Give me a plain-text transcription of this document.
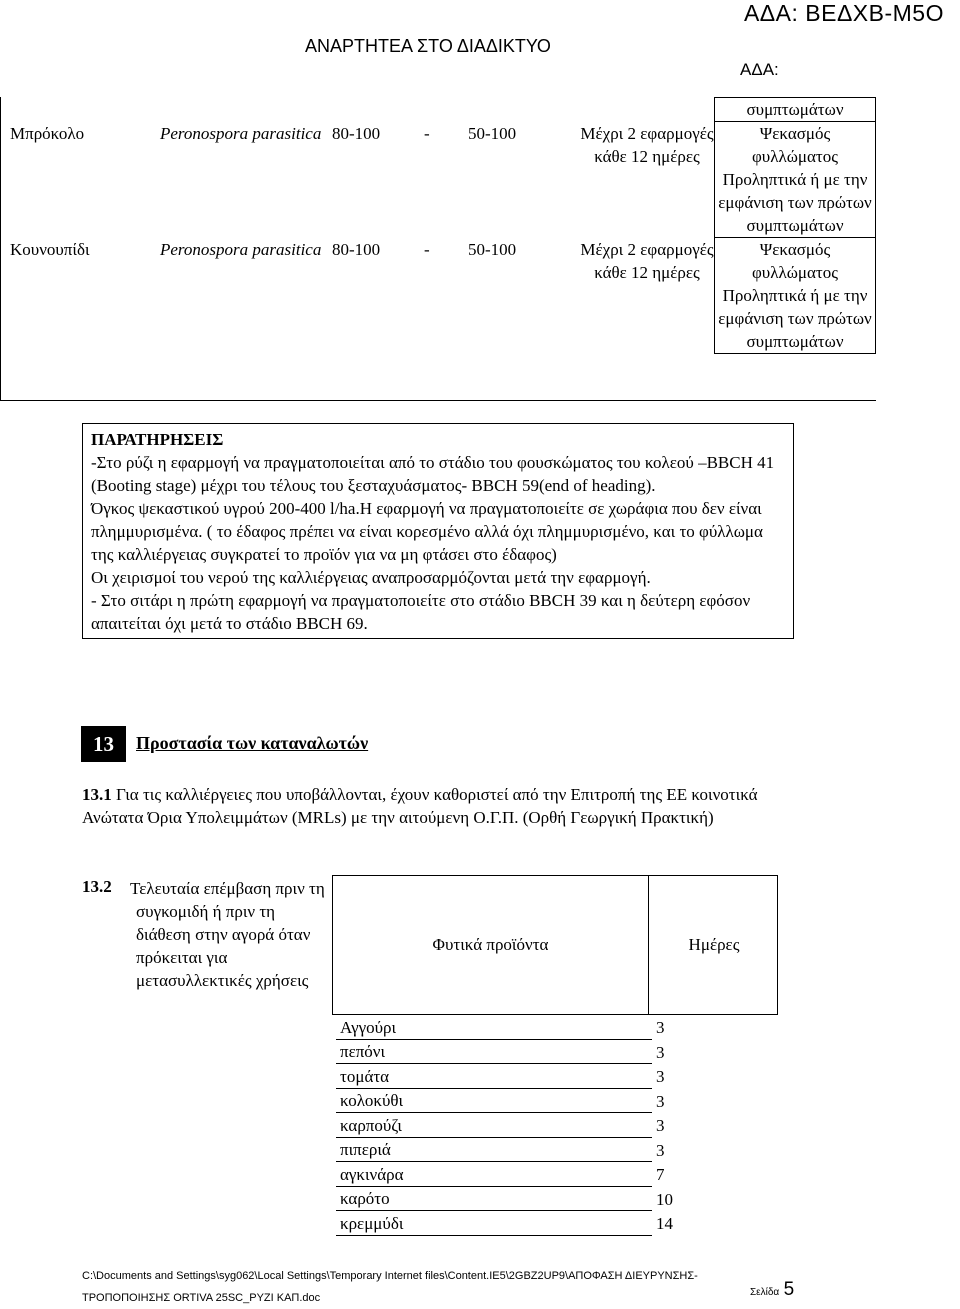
ΑΔΑ: ΒΕΔΧΒ-Μ5Ο
ΑΝΑΡΤΗΤΕΑ ΣΤΟ ΔΙΑΔΙΚΤΥΟ
ΑΔΑ:
						συμπτωμάτων
Μπρόκολο	Peronospora parasitica	80-100	-	50-100	Μέχρι 2 εφαρμογές κάθε 12 ημέρες	Ψεκασμός φυλλώματος Προληπτικά ή με την εμφάνιση των πρώτων συμπτωμάτων
Κουνουπίδι	Peronospora parasitica	80-100	-	50-100	Μέχρι 2 εφαρμογές κάθε 12 ημέρες	Ψεκασμός φυλλώματος Προληπτικά ή με την εμφάνιση των πρώτων συμπτωμάτων

ΠΑΡΑΤΗΡΗΣΕΙΣ

-Στο ρύζι η εφαρμογή να πραγματοποιείται από το στάδιο του φουσκώματος του κολεού –BBCH 41 (Booting stage) μέχρι του τέλους του ξεσταχυάσματος- BBCH 59(end of heading).

Όγκος ψεκαστικού υγρού 200-400 l/ha.Η εφαρμογή να πραγματοποιείτε σε χωράφια που δεν είναι πλημμυρισμένα. ( το έδαφος πρέπει να είναι κορεσμένο αλλά όχι πλημμυρισμένο, και το φύλλωμα της καλλιέργειας συγκρατεί το προϊόν για να μη φτάσει στο έδαφος)

Οι χειρισμοί του νερού της καλλιέργειας αναπροσαρμόζονται μετά την εφαρμογή.

- Στο σιτάρι η πρώτη εφαρμογή να πραγματοποιείτε στο στάδιο BBCH 39 και η δεύτερη εφόσον απαιτείται όχι μετά το στάδιο BBCH 69.

13 Προστασία των καταναλωτών
13.1 Για τις καλλιέργειες που υποβάλλονται, έχουν καθοριστεί από την Επιτροπή της ΕΕ κοινοτικά Ανώτατα Όρια Υπολειμμάτων (MRLs) με την αιτούμενη Ο.Γ.Π. (Ορθή Γεωργική Πρακτική)
13.2 Τελευταία επέμβαση πριν τη συγκομιδή ή πριν τη διάθεση στην αγορά όταν πρόκειται για μετασυλλεκτικές χρήσεις
Φυτικά προϊόντα	Ημέρες
Αγγούρι	3
πεπόνι	3
τομάτα	3
κολοκύθι	3
καρπούζι	3
πιπεριά	3
αγκινάρα	7
καρότο	10
κρεμμύδι	14
C:\Documents and Settings\syg062\Local Settings\Temporary Internet files\Content.IE5\2GBZ2UP9\ΑΠΟΦΑΣΗ ΔΙΕΥΡΥΝΣΗΣ-
ΤΡΟΠΟΠΟΙΗΣΗΣ ORTIVA 25SC_PYZI ΚΑΠ.doc	Σελίδα 5
